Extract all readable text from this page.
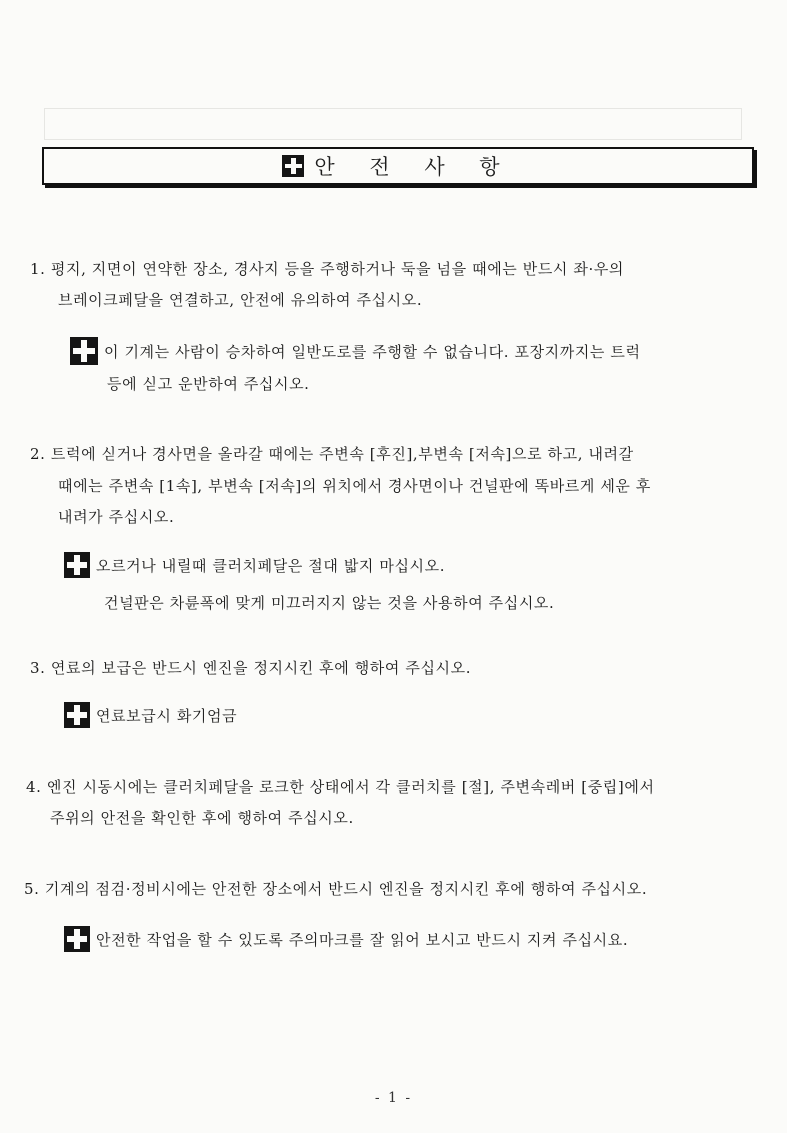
안 전 사 항
1. 평지, 지면이 연약한 장소, 경사지 등을 주행하거나 둑을 넘을 때에는 반드시 좌·우의
브레이크페달을 연결하고, 안전에 유의하여 주십시오.
이 기계는 사람이 승차하여 일반도로를 주행할 수 없습니다. 포장지까지는 트럭
등에 싣고 운반하여 주십시오.
2. 트럭에 싣거나 경사면을 올라갈 때에는 주변속 [후진],부변속 [저속]으로 하고, 내려갈
때에는 주변속 [1속], 부변속 [저속]의 위치에서 경사면이나 건널판에 똑바르게 세운 후
내려가 주십시오.
오르거나 내릴때 클러치페달은 절대 밟지 마십시오.
건널판은 차륜폭에 맞게 미끄러지지 않는 것을 사용하여 주십시오.
3. 연료의 보급은 반드시 엔진을 정지시킨 후에 행하여 주십시오.
연료보급시 화기엄금
4. 엔진 시동시에는 클러치페달을 로크한 상태에서 각 클러치를 [절], 주변속레버 [중립]에서
주위의 안전을 확인한 후에 행하여 주십시오.
5. 기계의 점검·정비시에는 안전한 장소에서 반드시 엔진을 정지시킨 후에 행하여 주십시오.
안전한 작업을 할 수 있도록 주의마크를 잘 읽어 보시고 반드시 지켜 주십시요.
- 1 -
